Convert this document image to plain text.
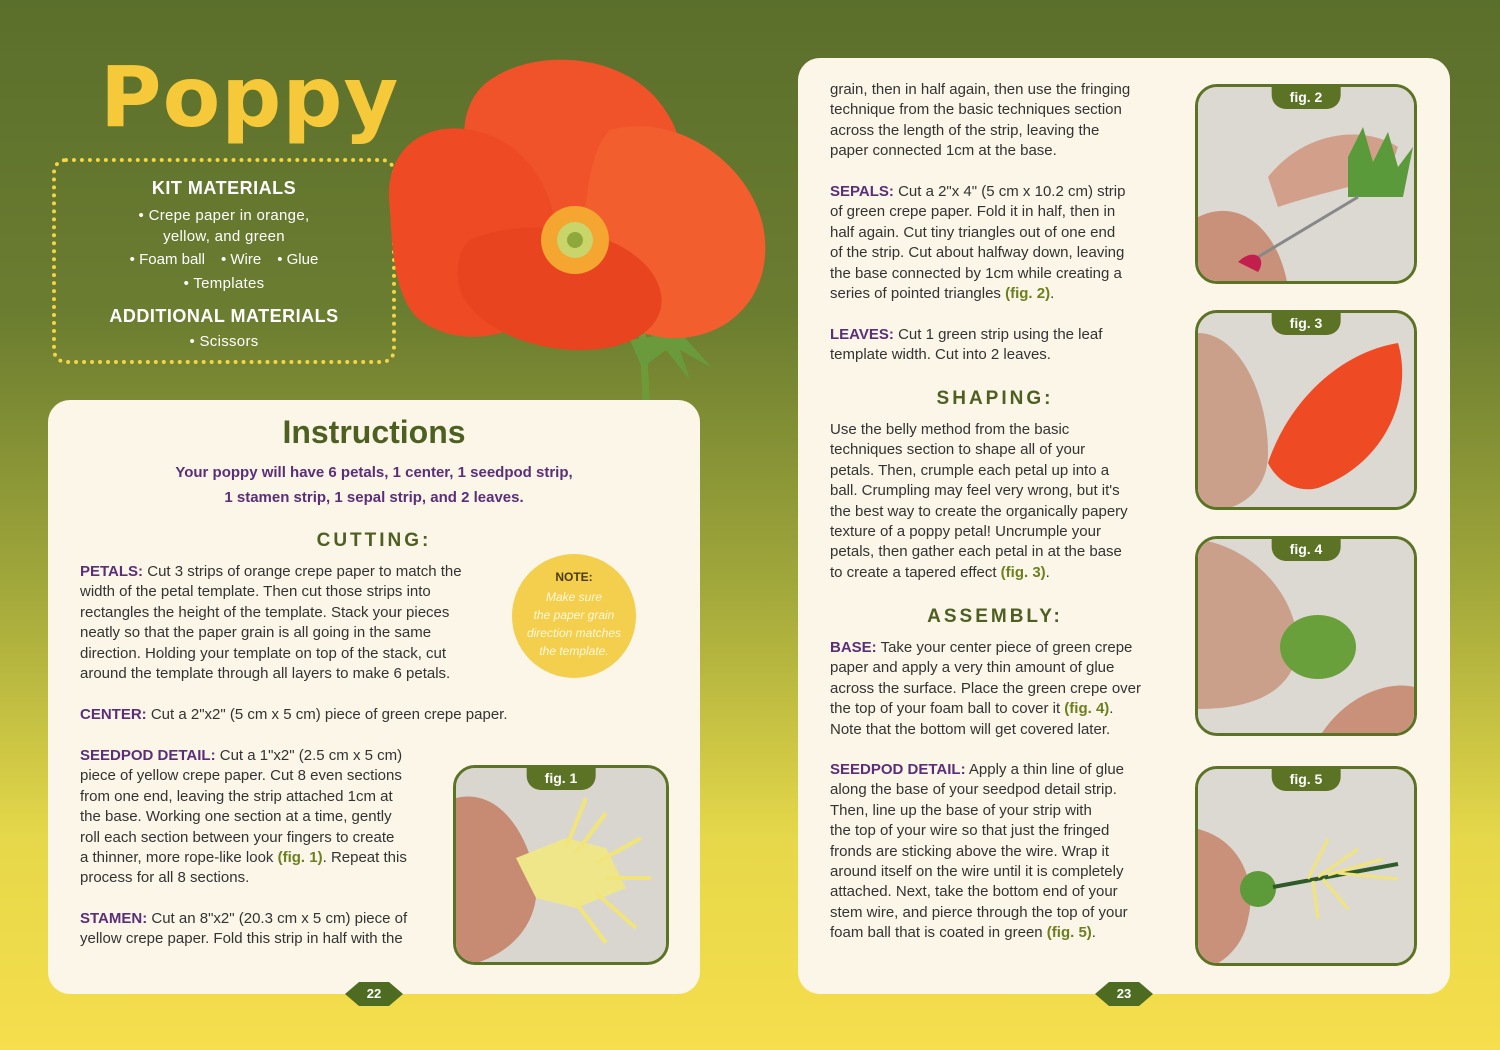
Poppy
KIT MATERIALS

• Crepe paper in orange,

yellow, and green

• Foam ball • Wire • Glue

• Templates

ADDITIONAL MATERIALS

• Scissors

Instructions
Your poppy will have 6 petals, 1 center, 1 seedpod strip,
1 stamen strip, 1 sepal strip, and 2 leaves.
CUTTING:
PETALS: Cut 3 strips of orange crepe paper to match the
width of the petal template. Then cut those strips into
rectangles the height of the template. Stack your pieces
neatly so that the paper grain is all going in the same
direction. Holding your template on top of the stack, cut
around the template through all layers to make 6 petals.
NOTE:
Make sure
the paper grain
direction matches
the template.
CENTER: Cut a 2"x2" (5 cm x 5 cm) piece of green crepe paper.
SEEDPOD DETAIL: Cut a 1"x2" (2.5 cm x 5 cm)
piece of yellow crepe paper. Cut 8 even sections
from one end, leaving the strip attached 1cm at
the base. Working one section at a time, gently
roll each section between your fingers to create
a thinner, more rope-like look (fig. 1). Repeat this
process for all 8 sections.
STAMEN: Cut an 8"x2" (20.3 cm x 5 cm) piece of
yellow crepe paper. Fold this strip in half with the
fig. 1
grain, then in half again, then use the fringing
technique from the basic techniques section
across the length of the strip, leaving the
paper connected 1cm at the base.
SEPALS: Cut a 2"x 4" (5 cm x 10.2 cm) strip
of green crepe paper. Fold it in half, then in
half again. Cut tiny triangles out of one end
of the strip. Cut about halfway down, leaving
the base connected by 1cm while creating a
series of pointed triangles (fig. 2).
LEAVES: Cut 1 green strip using the leaf
template width. Cut into 2 leaves.
SHAPING:
Use the belly method from the basic
techniques section to shape all of your
petals. Then, crumple each petal up into a
ball. Crumpling may feel very wrong, but it's
the best way to create the organically papery
texture of a poppy petal! Uncrumple your
petals, then gather each petal in at the base
to create a tapered effect (fig. 3).
ASSEMBLY:
BASE: Take your center piece of green crepe
paper and apply a very thin amount of glue
across the surface. Place the green crepe over
the top of your foam ball to cover it (fig. 4).
Note that the bottom will get covered later.
SEEDPOD DETAIL: Apply a thin line of glue
along the base of your seedpod detail strip.
Then, line up the base of your strip with
the top of your wire so that just the fringed
fronds are sticking above the wire. Wrap it
around itself on the wire until it is completely
attached. Next, take the bottom end of your
stem wire, and pierce through the top of your
foam ball that is coated in green (fig. 5).
fig. 2
fig. 3
fig. 4
fig. 5
22	23
